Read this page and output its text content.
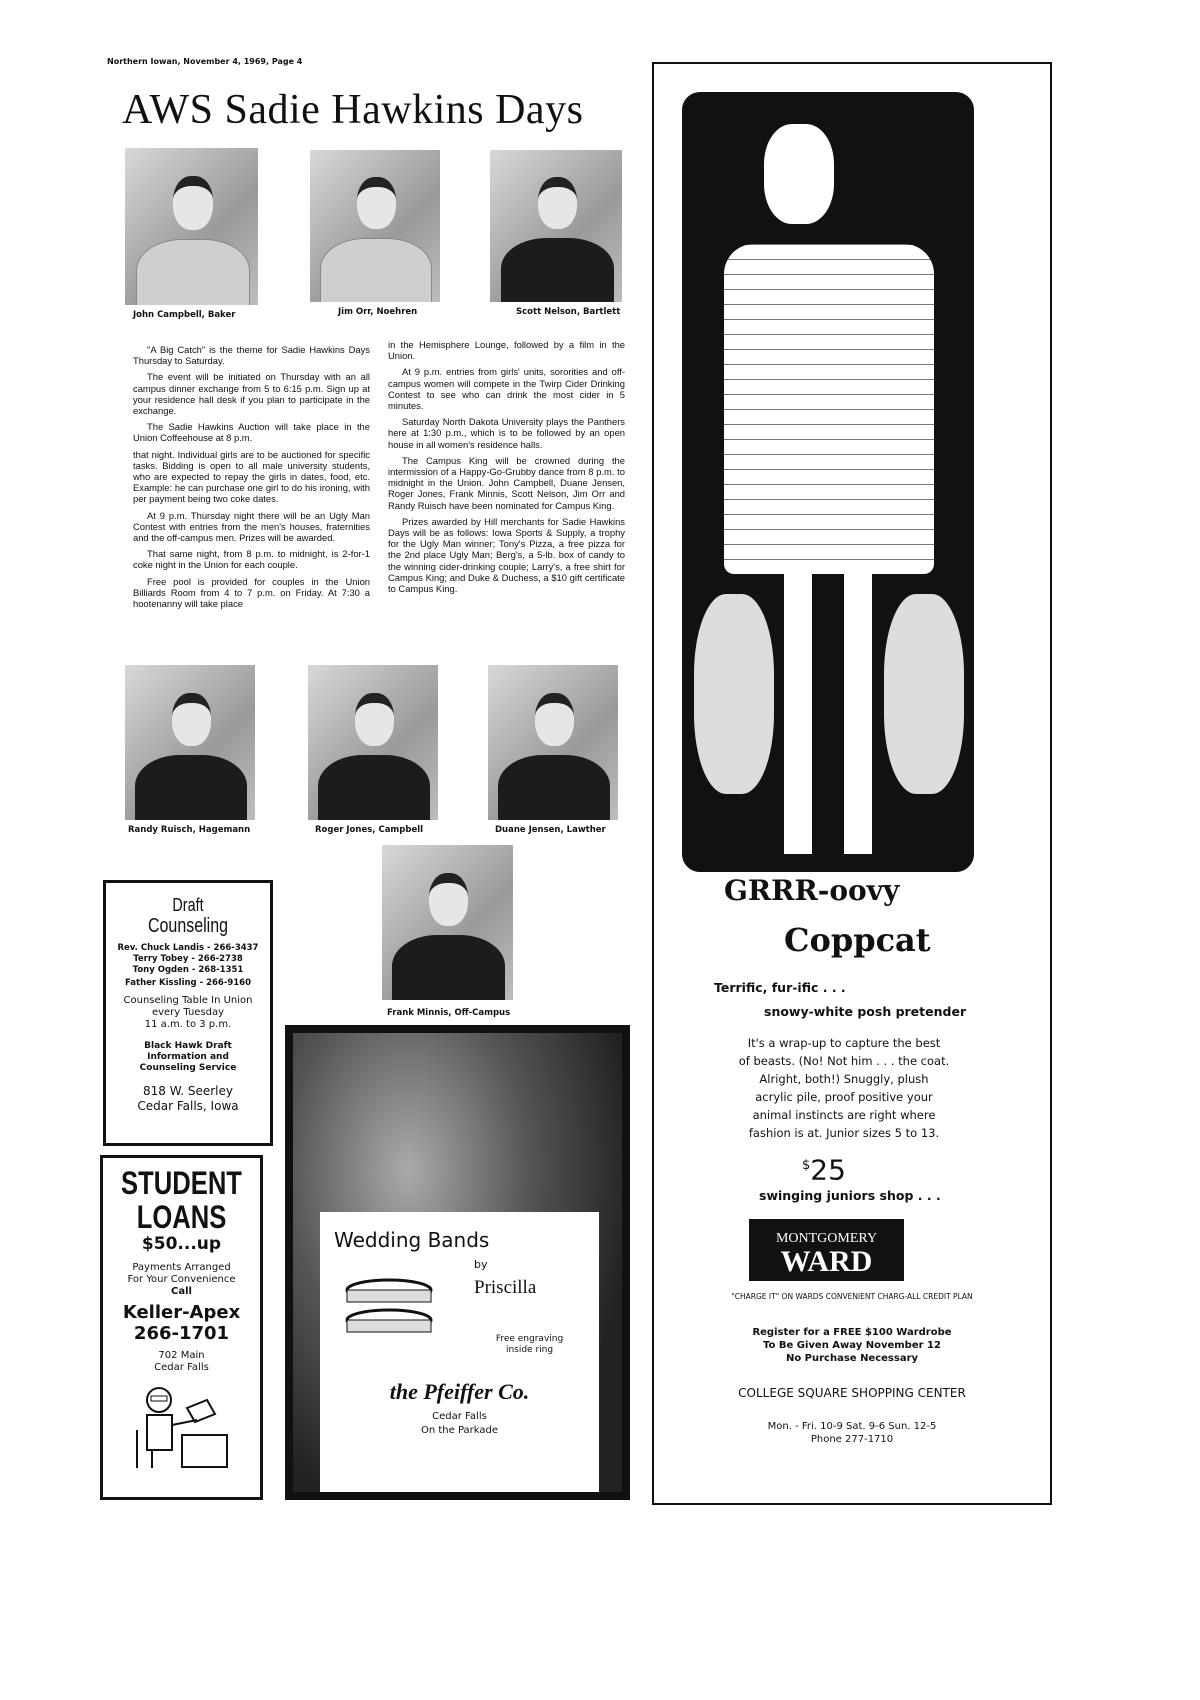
Northern Iowan, November 4, 1969, Page 4
AWS Sadie Hawkins Days
John Campbell, Baker	Jim Orr, Noehren	Scott Nelson, Bartlett

"A Big Catch" is the theme for Sadie Hawkins Days Thursday to Saturday.

The event will be initiated on Thursday with an all campus dinner exchange from 5 to 6:15 p.m. Sign up at your residence hall desk if you plan to participate in the exchange.

The Sadie Hawkins Auction will take place in the Union Coffeehouse at 8 p.m.

that night. Individual girls are to be auctioned for specific tasks. Bidding is open to all male university students, who are expected to repay the girls in dates, food, etc. Example: he can purchase one girl to do his ironing, with per payment being two coke dates.

At 9 p.m. Thursday night there will be an Ugly Man Contest with entries from the men's houses, fraternities and the off-campus men. Prizes will be awarded.

That same night, from 8 p.m. to midnight, is 2-for-1 coke night in the Union for each couple.

Free pool is provided for couples in the Union Billiards Room from 4 to 7 p.m. on Friday. At 7:30 a hootenanny will take place

in the Hemisphere Lounge, followed by a film in the Union.

At 9 p.m. entries from girls' units, sororities and off-campus women will compete in the Twirp Cider Drinking Contest to see who can drink the most cider in 5 minutes.

Saturday North Dakota University plays the Panthers here at 1:30 p.m., which is to be followed by an open house in all women's residence halls.

The Campus King will be crowned during the intermission of a Happy-Go-Grubby dance from 8 p.m. to midnight in the Union. John Campbell, Duane Jensen, Roger Jones, Frank Minnis, Scott Nelson, Jim Orr and Randy Ruisch have been nominated for Campus King.

Prizes awarded by Hill merchants for Sadie Hawkins Days will be as follows: Iowa Sports & Supply, a trophy for the Ugly Man winner; Tony's Pizza, a free pizza for the 2nd place Ugly Man; Berg's, a 5-lb. box of candy to the winning cider-drinking couple; Larry's, a free shirt for Campus King; and Duke & Duchess, a $10 gift certificate to Campus King.

Randy Ruisch, Hagemann	Roger Jones, Campbell	Duane Jensen, Lawther
Frank Minnis, Off-Campus
Draft
Counseling
Rev. Chuck Landis - 266-3437
Terry Tobey - 266-2738
Tony Ogden - 268-1351
Father Kissling - 266-9160
Counseling Table In Union
every Tuesday
11 a.m. to 3 p.m.
Black Hawk Draft
Information and
Counseling Service
818 W. Seerley
Cedar Falls, Iowa
STUDENT
LOANS
$50...up
Payments Arranged
For Your Convenience
Call
Keller-Apex
266-1701
702 Main
Cedar Falls
Wedding Bands
by
Priscilla
Free engraving
inside ring
the Pfeiffer Co.
Cedar Falls
On the Parkade
GRRR-oovy
Coppcat
Terrific, fur-ific . . .
snowy-white posh pretender
It's a wrap-up to capture the best
of beasts. (No! Not him . . . the coat.
Alright, both!) Snuggly, plush
acrylic pile, proof positive your
animal instincts are right where
fashion is at. Junior sizes 5 to 13.
$25
swinging juniors shop . . .
MONTGOMERY
WARD
"CHARGE IT" ON WARDS CONVENIENT CHARG-ALL CREDIT PLAN
Register for a FREE $100 Wardrobe
To Be Given Away November 12
No Purchase Necessary
COLLEGE SQUARE SHOPPING CENTER
Mon. - Fri. 10-9 Sat. 9-6 Sun. 12-5
Phone 277-1710
